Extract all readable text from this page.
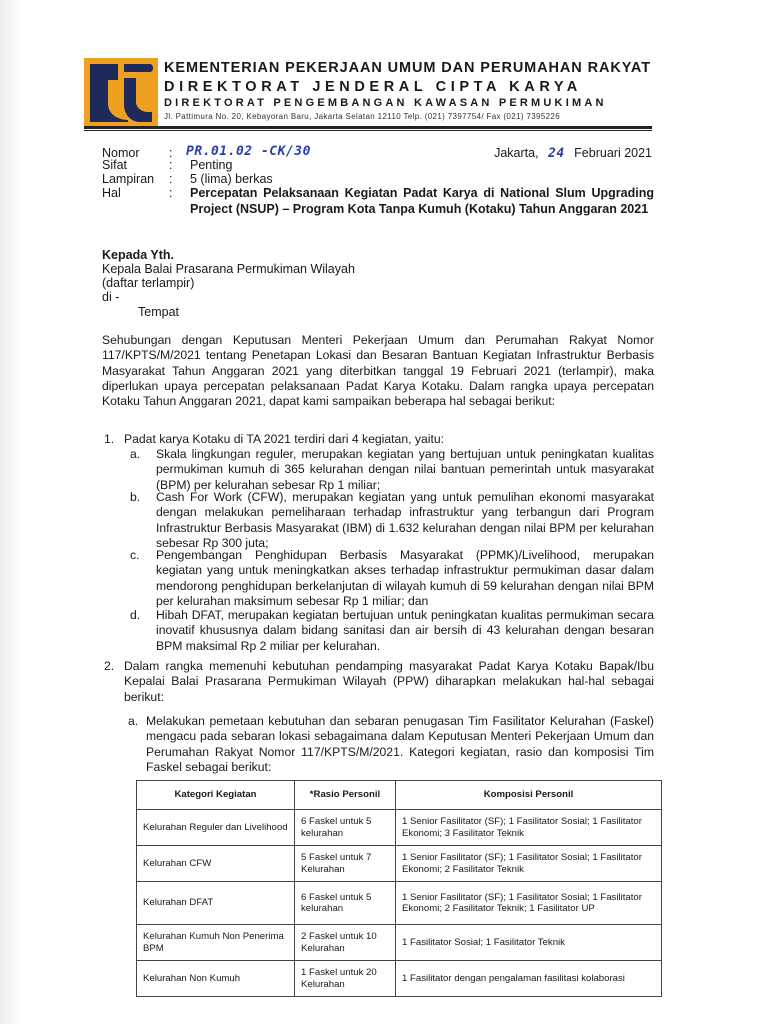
KEMENTERIAN PEKERJAAN UMUM DAN PERUMAHAN RAKYAT
DIREKTORAT JENDERAL CIPTA KARYA
DIREKTORAT PENGEMBANGAN KAWASAN PERMUKIMAN
Jl. Pattimura No. 20, Kebayoran Baru, Jakarta Selatan 12110 Telp. (021) 7397754/ Fax (021) 7395226
Nomor : PR.01.02 -CK/30	Jakarta, 24 Februari 2021
Sifat	: Penting
Lampiran : 5 (lima) berkas
Hal	: Percepatan Pelaksanaan Kegiatan Padat Karya di National Slum Upgrading Project (NSUP) – Program Kota Tanpa Kumuh (Kotaku) Tahun Anggaran 2021
Kepada Yth.
Kepala Balai Prasarana Permukiman Wilayah
(daftar terlampir)
di -
Tempat
Sehubungan dengan Keputusan Menteri Pekerjaan Umum dan Perumahan Rakyat Nomor 117/KPTS/M/2021 tentang Penetapan Lokasi dan Besaran Bantuan Kegiatan Infrastruktur Berbasis Masyarakat Tahun Anggaran 2021 yang diterbitkan tanggal 19 Februari 2021 (terlampir), maka diperlukan upaya percepatan pelaksanaan Padat Karya Kotaku. Dalam rangka upaya percepatan Kotaku Tahun Anggaran 2021, dapat kami sampaikan beberapa hal sebagai berikut:
1. Padat karya Kotaku di TA 2021 terdiri dari 4 kegiatan, yaitu:
a. Skala lingkungan reguler, merupakan kegiatan yang bertujuan untuk peningkatan kualitas permukiman kumuh di 365 kelurahan dengan nilai bantuan pemerintah untuk masyarakat (BPM) per kelurahan sebesar Rp 1 miliar;
b. Cash For Work (CFW), merupakan kegiatan yang untuk pemulihan ekonomi masyarakat dengan melakukan pemeliharaan terhadap infrastruktur yang terbangun dari Program Infrastruktur Berbasis Masyarakat (IBM) di 1.632 kelurahan dengan nilai BPM per kelurahan sebesar Rp 300 juta;
c. Pengembangan Penghidupan Berbasis Masyarakat (PPMK)/Livelihood, merupakan kegiatan yang untuk meningkatkan akses terhadap infrastruktur permukiman dasar dalam mendorong penghidupan berkelanjutan di wilayah kumuh di 59 kelurahan dengan nilai BPM per kelurahan maksimum sebesar Rp 1 miliar; dan
d. Hibah DFAT, merupakan kegiatan bertujuan untuk peningkatan kualitas permukiman secara inovatif khususnya dalam bidang sanitasi dan air bersih di 43 kelurahan dengan besaran BPM maksimal Rp 2 miliar per kelurahan.
2. Dalam rangka memenuhi kebutuhan pendamping masyarakat Padat Karya Kotaku Bapak/Ibu Kepalai Balai Prasarana Permukiman Wilayah (PPW) diharapkan melakukan hal-hal sebagai berikut:
a. Melakukan pemetaan kebutuhan dan sebaran penugasan Tim Fasilitator Kelurahan (Faskel) mengacu pada sebaran lokasi sebagaimana dalam Keputusan Menteri Pekerjaan Umum dan Perumahan Rakyat Nomor 117/KPTS/M/2021. Kategori kegiatan, rasio dan komposisi Tim Faskel sebagai berikut:
Kategori Kegiatan	*Rasio Personil	Komposisi Personil
Kelurahan Reguler dan Livelihood	6 Faskel untuk 5 kelurahan	1 Senior Fasilitator (SF); 1 Fasilitator Sosial; 1 Fasilitator Ekonomi; 3 Fasilitator Teknik
Kelurahan CFW	5 Faskel untuk 7 Kelurahan	1 Senior Fasilitator (SF); 1 Fasilitator Sosial; 1 Fasilitator Ekonomi; 2 Fasilitator Teknik
Kelurahan DFAT	6 Faskel untuk 5 kelurahan	1 Senior Fasilitator (SF); 1 Fasilitator Sosial; 1 Fasilitator Ekonomi; 2 Fasilitator Teknik; 1 Fasilitator UP
Kelurahan Kumuh Non Penerima BPM	2 Faskel untuk 10 Kelurahan	1 Fasilitator Sosial; 1 Fasilitator Teknik
Kelurahan Non Kumuh	1 Faskel untuk 20 Kelurahan	1 Fasilitator dengan pengalaman fasilitasi kolaborasi
